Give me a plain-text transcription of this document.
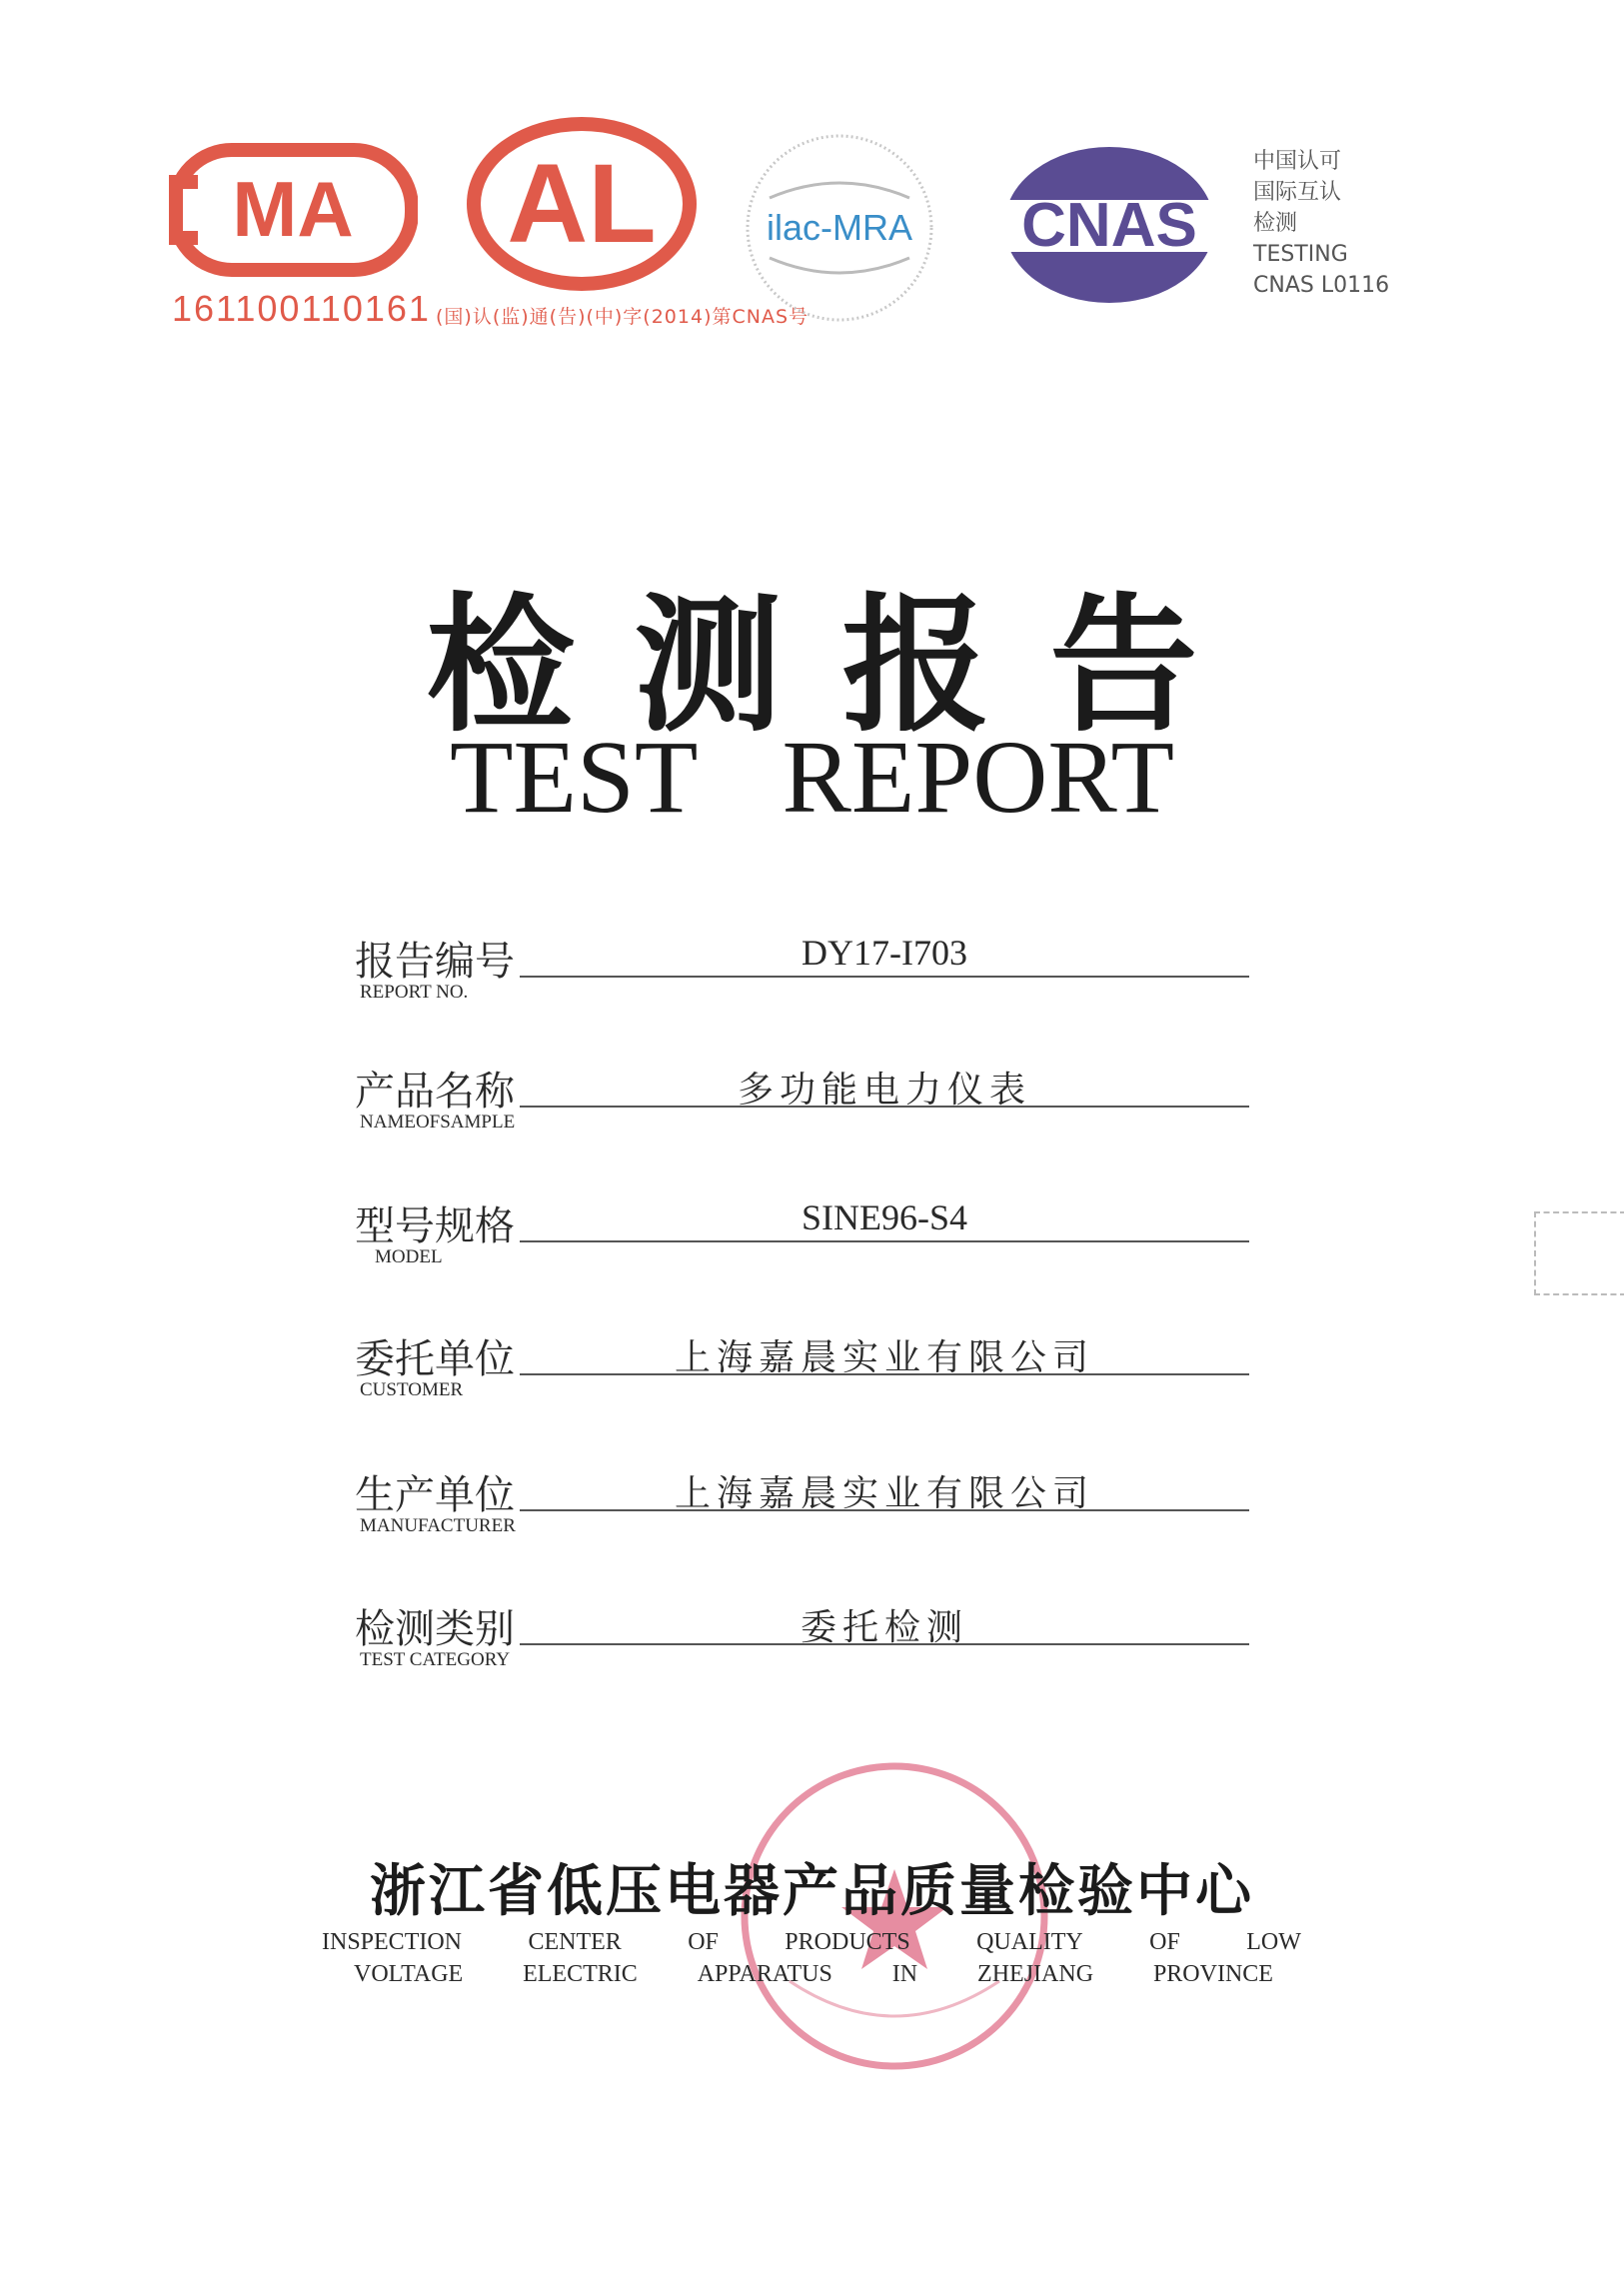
MA
161100110161
AL
(国)认(监)通(告)(中)字(2014)第CNAS号
ilac-MRA CNAS
中国认可
国际互认
检测
TESTING
CNAS L0116
检测报告
TEST REPORT
报告编号
REPORT NO.
DY17-I703
产品名称
NAMEOFSAMPLE
多功能电力仪表
型号规格
MODEL
SINE96-S4
委托单位
CUSTOMER
上海嘉晨实业有限公司
生产单位
MANUFACTURER
上海嘉晨实业有限公司
检测类别
TEST CATEGORY
委托检测
浙江省低压电器产品质量检验中心
INSPECTION	CENTER	OF	PRODUCTS	QUALITY	OF	LOW
VOLTAGE ELECTRIC APPARATUS IN ZHEJIANG PROVINCE
